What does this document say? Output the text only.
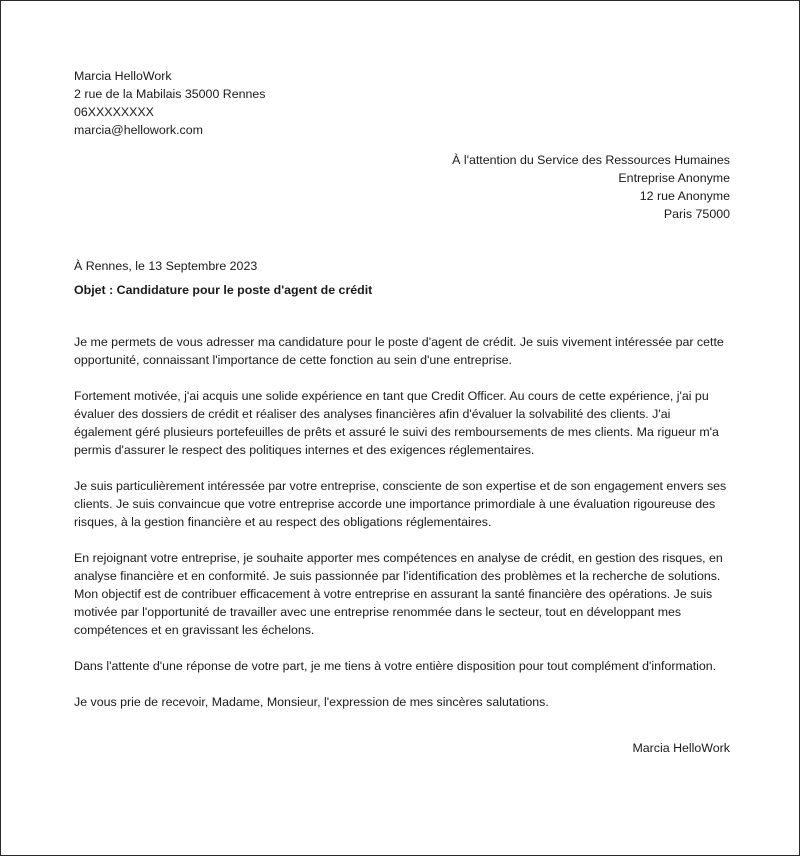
Marcia HelloWork
2 rue de la Mabilais 35000 Rennes
06XXXXXXXX
marcia@hellowork.com
À l'attention du Service des Ressources Humaines
Entreprise Anonyme
12 rue Anonyme
Paris 75000
À Rennes, le 13 Septembre 2023
Objet : Candidature pour le poste d'agent de crédit

Je me permets de vous adresser ma candidature pour le poste d'agent de crédit. Je suis vivement intéressée par cette opportunité, connaissant l'importance de cette fonction au sein d'une entreprise.

Fortement motivée, j'ai acquis une solide expérience en tant que Credit Officer. Au cours de cette expérience, j'ai pu évaluer des dossiers de crédit et réaliser des analyses financières afin d'évaluer la solvabilité des clients. J'ai également géré plusieurs portefeuilles de prêts et assuré le suivi des remboursements de mes clients. Ma rigueur m'a permis d'assurer le respect des politiques internes et des exigences réglementaires.

Je suis particulièrement intéressée par votre entreprise, consciente de son expertise et de son engagement envers ses clients. Je suis convaincue que votre entreprise accorde une importance primordiale à une évaluation rigoureuse des risques, à la gestion financière et au respect des obligations réglementaires.

En rejoignant votre entreprise, je souhaite apporter mes compétences en analyse de crédit, en gestion des risques, en analyse financière et en conformité. Je suis passionnée par l'identification des problèmes et la recherche de solutions. Mon objectif est de contribuer efficacement à votre entreprise en assurant la santé financière des opérations. Je suis motivée par l'opportunité de travailler avec une entreprise renommée dans le secteur, tout en développant mes compétences et en gravissant les échelons.

Dans l'attente d'une réponse de votre part, je me tiens à votre entière disposition pour tout complément d'information.

Je vous prie de recevoir, Madame, Monsieur, l'expression de mes sincères salutations.

Marcia HelloWork
